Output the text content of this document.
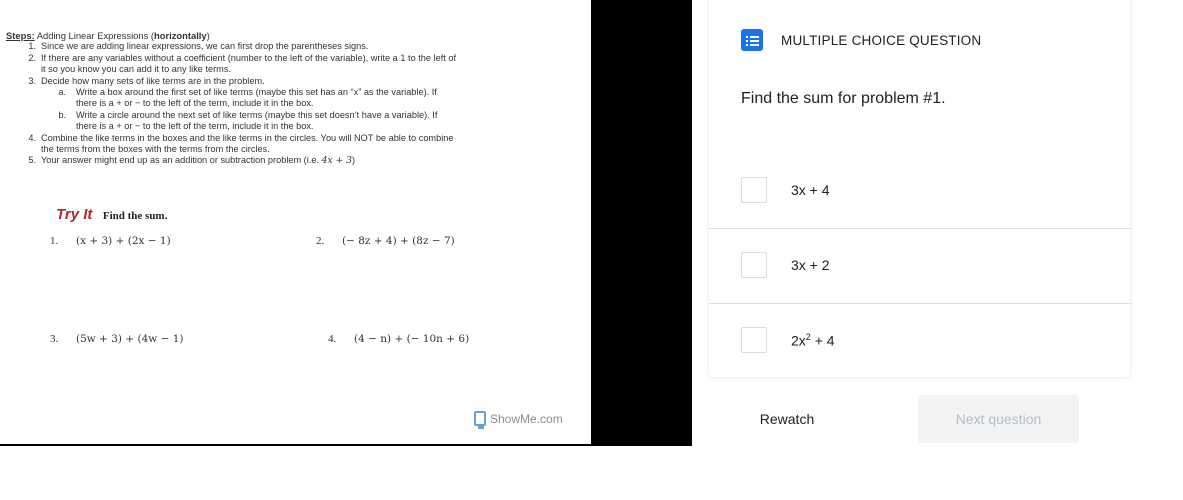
Steps: Adding Linear Expressions (horizontally)
1. Since we are adding linear expressions, we can first drop the parentheses signs.
2. If there are any variables without a coefficient (number to the left of the variable), write a 1 to the left of it so you know you can add it to any like terms.
3. Decide how many sets of like terms are in the problem.
a.	Write a box around the first set of like terms (maybe this set has an “x” as the variable). If there is a + or − to the left of the term, include it in the box.
b.	Write a circle around the next set of like terms (maybe this set doesn’t have a variable). If there is a + or − to the left of the term, include it in the box.
4. Combine the like terms in the boxes and the like terms in the circles. You will NOT be able to combine the terms from the boxes with the terms from the circles.
5. Your answer might end up as an addition or subtraction problem (i.e. 4x + 3)
Try It Find the sum.
1. (x + 3) + (2x − 1)	2. (− 8z + 4) + (8z − 7)
3. (5w + 3) + (4w − 1)	4. (4 − n) + (− 10n + 6)
ShowMe.com
MULTIPLE CHOICE QUESTION
Find the sum for problem #1.
3x + 4
3x + 2
$2x^2 + 4$
Rewatch	Next question
